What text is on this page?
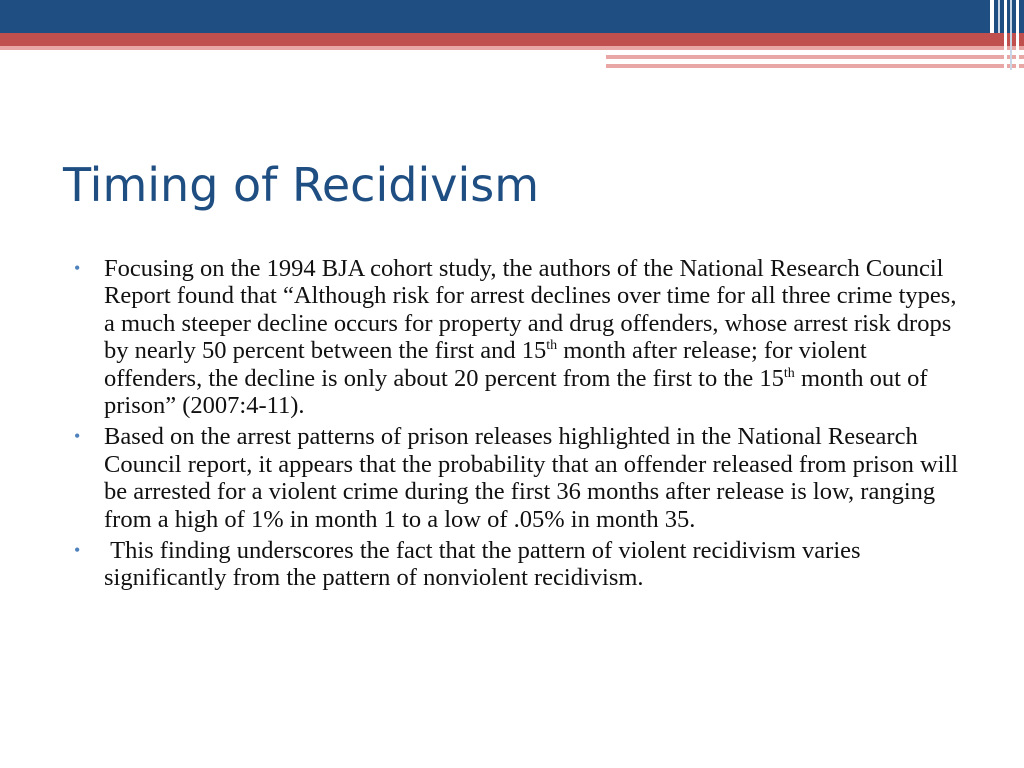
Timing of Recidivism
• Focusing on the 1994 BJA cohort study, the authors of the National Research Council Report found that “Although risk for arrest declines over time for all three crime types, a much steeper decline occurs for property and drug offenders, whose arrest risk drops by nearly 50 percent between the first and 15th month after release; for violent offenders, the decline is only about 20 percent from the first to the 15th month out of prison” (2007:4-11).
• Based on the arrest patterns of prison releases highlighted in the National Research Council report, it appears that the probability that an offender released from prison will be arrested for a violent crime during the first 36 months after release is low, ranging from a high of 1% in month 1 to a low of .05% in month 35.
• This finding underscores the fact that the pattern of violent recidivism varies significantly from the pattern of nonviolent recidivism.
